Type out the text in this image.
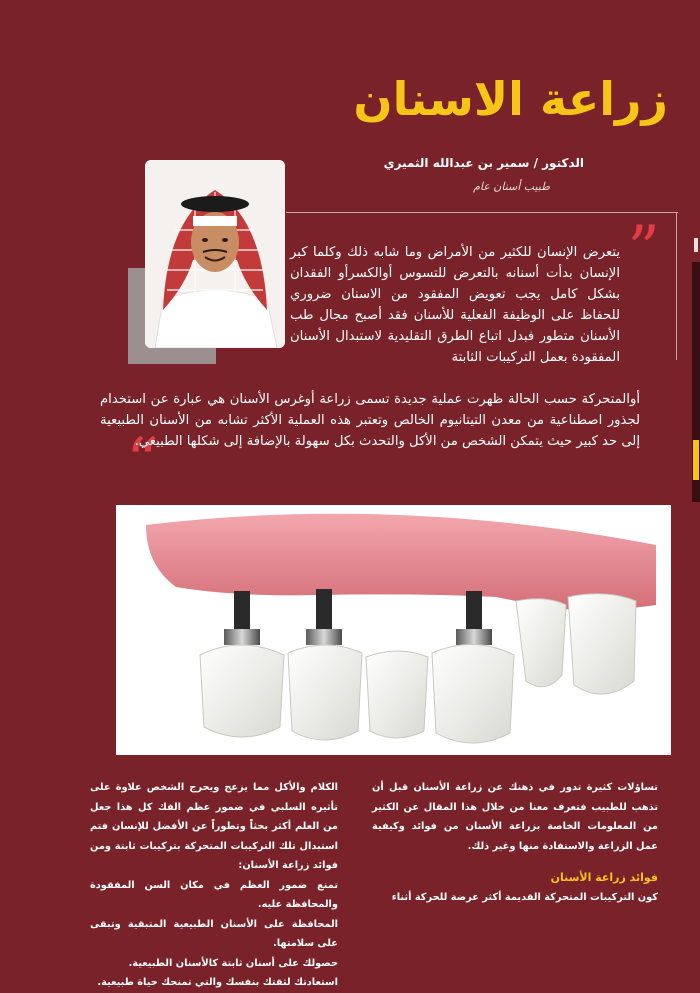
زراعة الاسنان
الدكتور / سمير بن عبدالله الثميري
طبيب أسنان عام
”
“
يتعرض الإنسان للكثير من الأمراض وما شابه ذلك وكلما كبر الإنسان بدأت أسنانه بالتعرض للتسوس أوالكسرأو الفقدان بشكل كامل يجب تعويض المفقود من الاسنان ضروري للحفاظ على الوظيفة الفعلية للأسنان فقد أصبح مجال طب الأسنان متطور فبدل اتباع الطرق التقليدية لاستبدال الأسنان المفقودة بعمل التركيبات الثابتة
أوالمتحركة حسب الحالة ظهرت عملية جديدة تسمى زراعة أوغرس الأسنان هي عبارة عن استخدام لجذور اصطناعية من معدن التيتانيوم الخالص وتعتبر هذه العملية الأكثر تشابه من الأسنان الطبيعية إلى حد كبير حيث يتمكن الشخص من الأكل والتحدث بكل سهولة بالإضافة إلى شكلها الطبيعي.

تساؤلات كثيرة تدور في ذهنك عن زراعة الأسنان قبل أن تذهب للطبيب فتعرف معنا من خلال هذا المقال عن الكثير من المعلومات الخاصة بزراعة الأسنان من فوائد وكيفية عمل الزراعة والاستفادة منها وغير ذلك.

فوائد زراعة الأسنان

كون التركيبات المتحركة القديمة أكثر عرضة للحركة أثناء

الكلام والأكل مما يزعج ويحرج الشخص علاوة على تأثيره السلبي في ضمور عظم الفك كل هذا جعل من العلم أكثر بحثاً وتطوراً عن الأفضل للإنسان فتم استبدال تلك التركيبات المتحركة بتركيبات ثابتة ومن فوائد زراعة الأسنان:

تمنع ضمور العظم في مكان السن المفقودة والمحافظة عليه.

المحافظة على الأسنان الطبيعية المتبقية وتبقى على سلامتها.

حصولك على أسنان ثابتة كالأسنان الطبيعية.

استعادتك لثقتك بنفسك والتي تمنحك حياة طبيعية.
